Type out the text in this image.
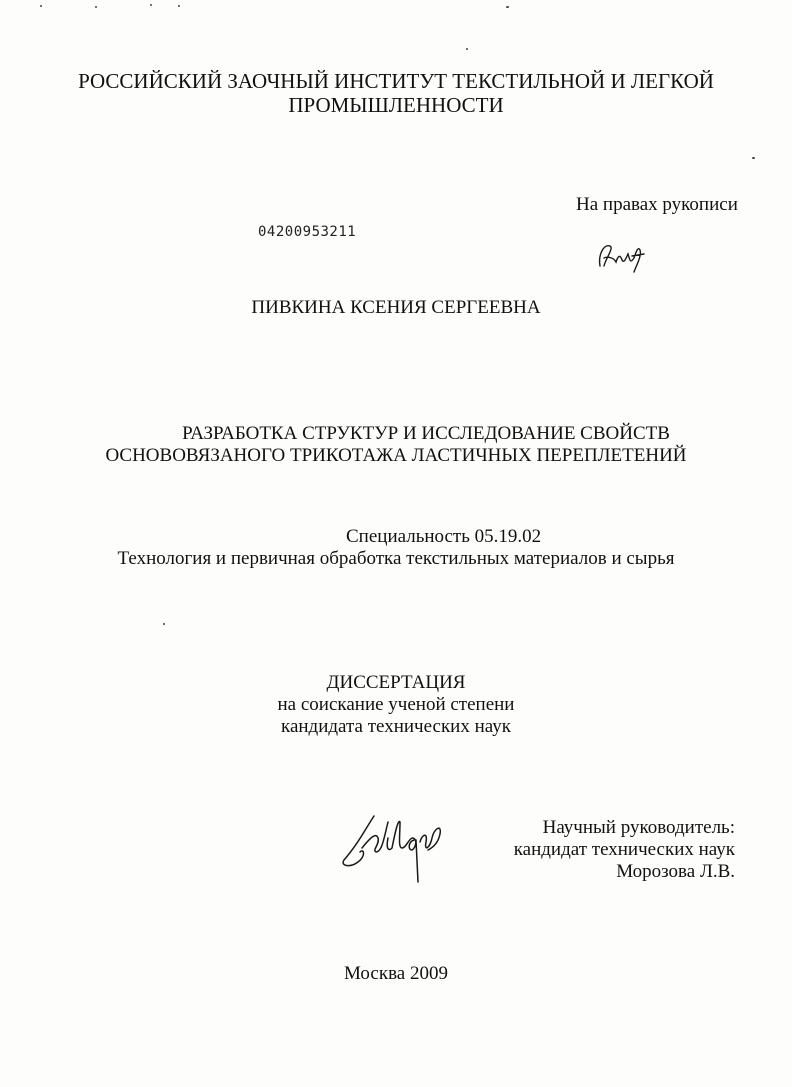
РОССИЙСКИЙ ЗАОЧНЫЙ ИНСТИТУТ ТЕКСТИЛЬНОЙ И ЛЕГКОЙ
ПРОМЫШЛЕННОСТИ
На правах рукописи
04200953211
ПИВКИНА КСЕНИЯ СЕРГЕЕВНА
РАЗРАБОТКА СТРУКТУР И ИССЛЕДОВАНИЕ СВОЙСТВ
ОСНОВОВЯЗАНОГО ТРИКОТАЖА ЛАСТИЧНЫХ ПЕРЕПЛЕТЕНИЙ
Специальность 05.19.02
Технология и первичная обработка текстильных материалов и сырья
ДИССЕРТАЦИЯ
на соискание ученой степени
кандидата технических наук
Научный руководитель:
кандидат технических наук
Морозова Л.В.
Москва 2009
